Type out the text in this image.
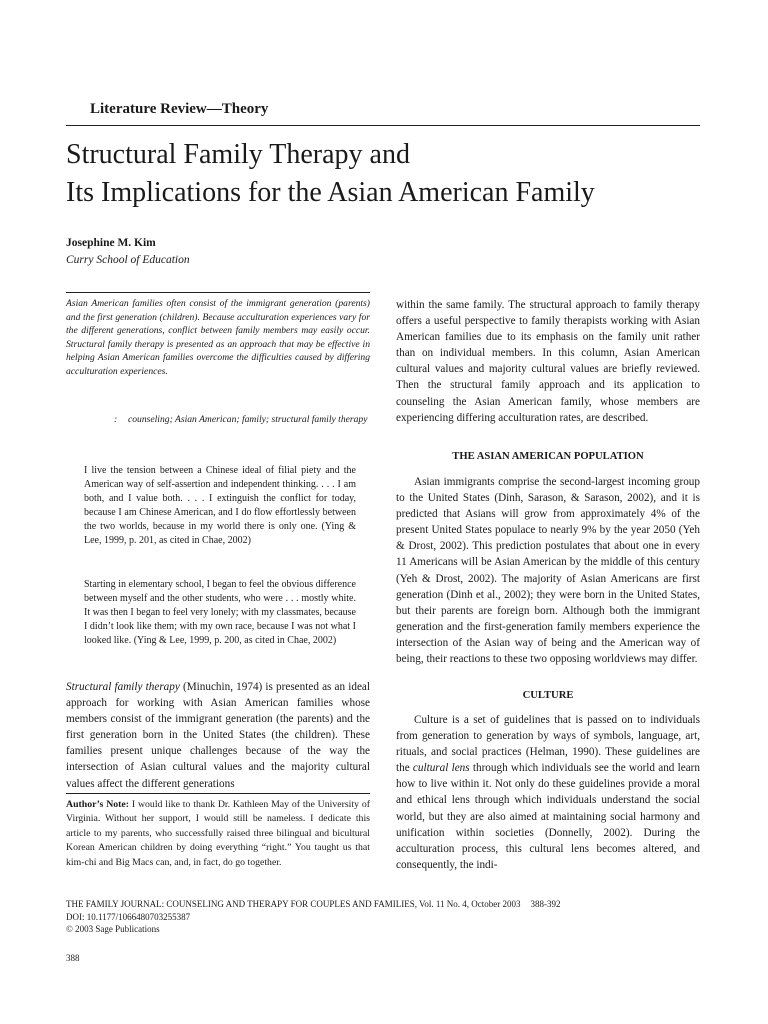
Literature Review—Theory
Structural Family Therapy and
Its Implications for the Asian American Family
Josephine M. Kim
Curry School of Education

Asian American families often consist of the immigrant generation (parents) and the first generation (children). Because acculturation experiences vary for the different generations, conflict between family members may easily occur. Structural family therapy is presented as an approach that may be effective in helping Asian American families overcome the difficulties caused by differing acculturation experiences.

:	counseling; Asian American; family; structural family therapy

I live the tension between a Chinese ideal of filial piety and the American way of self-assertion and independent thinking. . . . I am both, and I value both. . . . I extinguish the conflict for today, because I am Chinese American, and I do flow effortlessly between the two worlds, because in my world there is only one. (Ying & Lee, 1999, p. 201, as cited in Chae, 2002)

Starting in elementary school, I began to feel the obvious difference between myself and the other students, who were . . . mostly white. It was then I began to feel very lonely; with my classmates, because I didn’t look like them; with my own race, because I was not what I looked like. (Ying & Lee, 1999, p. 200, as cited in Chae, 2002)

Structural family therapy (Minuchin, 1974) is presented as an ideal approach for working with Asian American families whose members consist of the immigrant generation (the parents) and the first generation born in the United States (the children). These families present unique challenges because of the way the intersection of Asian cultural values and the majority cultural values affect the different generations

Author’s Note: I would like to thank Dr. Kathleen May of the University of Virginia. Without her support, I would still be nameless. I dedicate this article to my parents, who successfully raised three bilingual and bicultural Korean American children by doing everything “right.” You taught us that kim-chi and Big Macs can, and, in fact, do go together.

within the same family. The structural approach to family therapy offers a useful perspective to family therapists working with Asian American families due to its emphasis on the family unit rather than on individual members. In this column, Asian American cultural values and majority cultural values are briefly reviewed. Then the structural family approach and its application to counseling the Asian American family, whose members are experiencing differing acculturation rates, are described.

THE ASIAN AMERICAN POPULATION

Asian immigrants comprise the second-largest incoming group to the United States (Dinh, Sarason, & Sarason, 2002), and it is predicted that Asians will grow from approximately 4% of the present United States populace to nearly 9% by the year 2050 (Yeh & Drost, 2002). This prediction postulates that about one in every 11 Americans will be Asian American by the middle of this century (Yeh & Drost, 2002). The majority of Asian Americans are first generation (Dinh et al., 2002); they were born in the United States, but their parents are foreign born. Although both the immigrant generation and the first-generation family members experience the intersection of the Asian way of being and the American way of being, their reactions to these two opposing worldviews may differ.

CULTURE

Culture is a set of guidelines that is passed on to individuals from generation to generation by ways of symbols, language, art, rituals, and social practices (Helman, 1990). These guidelines are the cultural lens through which individuals see the world and learn how to live within it. Not only do these guidelines provide a moral and ethical lens through which individuals understand the social world, but they are also aimed at maintaining social harmony and unification within societies (Donnelly, 2002). During the acculturation process, this cultural lens becomes altered, and consequently, the indi-

THE FAMILY JOURNAL: COUNSELING AND THERAPY FOR COUPLES AND FAMILIES, Vol. 11 No. 4, October 2003 388-392
DOI: 10.1177/1066480703255387
© 2003 Sage Publications
388
